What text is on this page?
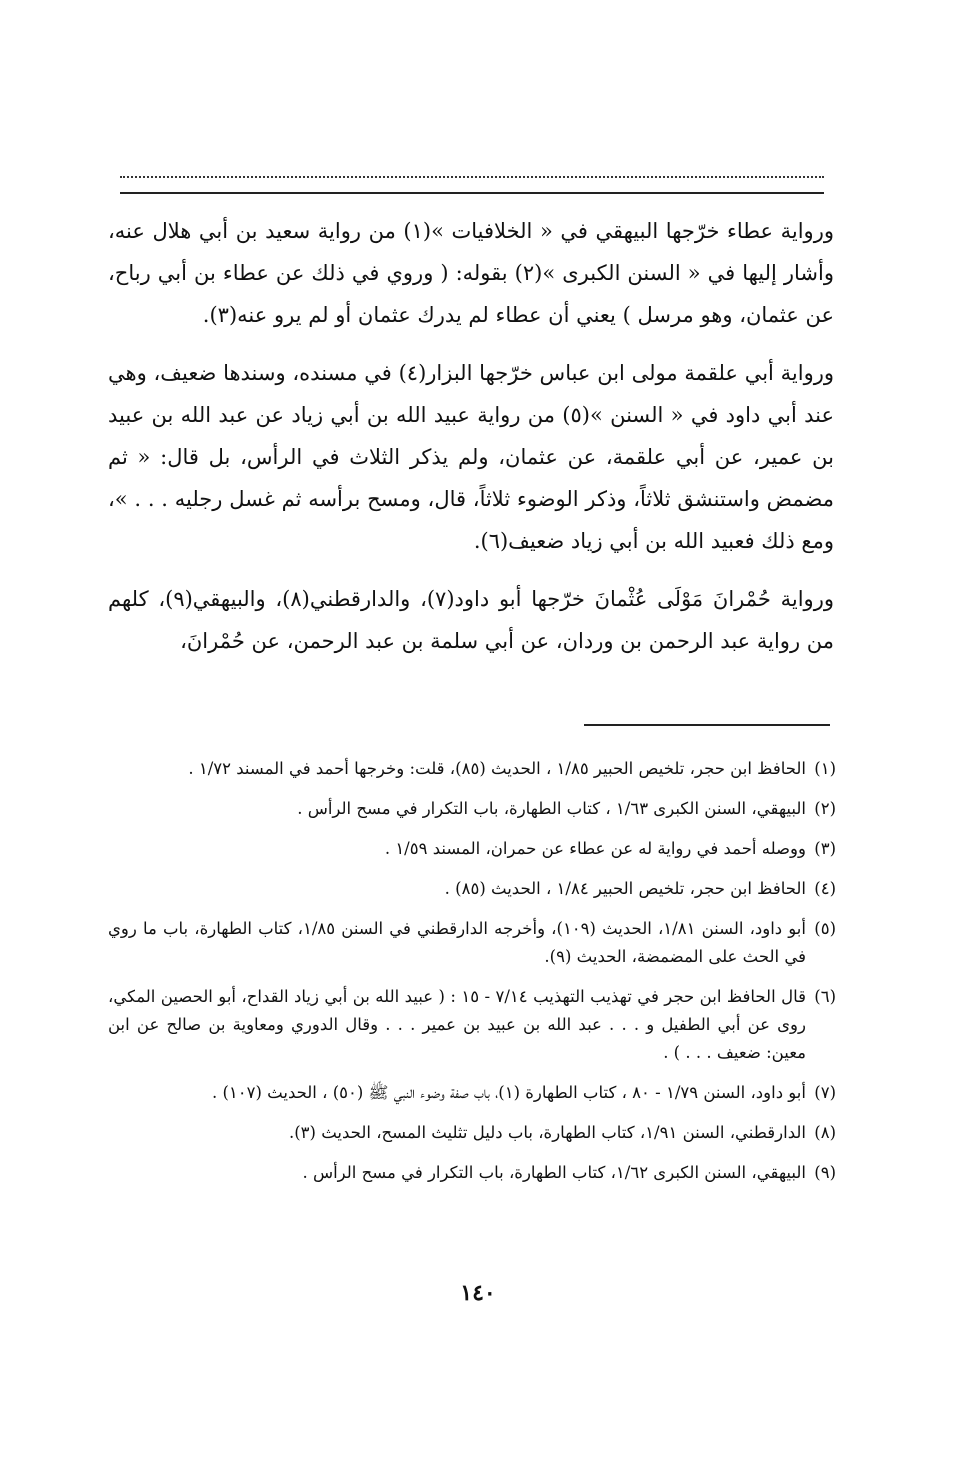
ورواية عطاء خرّجها البيهقي في « الخلافيات »(١) من رواية سعيد بن أبي هلال عنه، وأشار إليها في « السنن الكبرى »(٢) بقوله: ( وروي في ذلك عن عطاء بن أبي رباح، عن عثمان، وهو مرسل ) يعني أن عطاء لم يدرك عثمان أو لم يرو عنه(٣).

ورواية أبي علقمة مولى ابن عباس خرّجها البزار(٤) في مسنده، وسندها ضعيف، وهي عند أبي داود في « السنن »(٥) من رواية عبيد الله بن أبي زياد عن عبد الله بن عبيد بن عمير، عن أبي علقمة، عن عثمان، ولم يذكر الثلاث في الرأس، بل قال: « ثم مضمض واستنشق ثلاثاً، وذكر الوضوء ثلاثاً، قال، ومسح برأسه ثم غسل رجليه . . . »، ومع ذلك فعبيد الله بن أبي زياد ضعيف(٦).

ورواية حُمْرانَ مَوْلَى عُثْمانَ خرّجها أبو داود(٧)، والدارقطني(٨)، والبيهقي(٩)، كلهم من رواية عبد الرحمن بن وردان، عن أبي سلمة بن عبد الرحمن، عن حُمْرانَ،

(١)
الحافظ ابن حجر، تلخيص الحبير ١/٨٥ ، الحديث (٨٥)، قلت: وخرجها أحمد في المسند ١/٧٢ .
(٢)
البيهقي، السنن الكبرى ١/٦٣ ، كتاب الطهارة، باب التكرار في مسح الرأس .
(٣)
ووصله أحمد في رواية له عن عطاء عن حمران، المسند ١/٥٩ .
(٤)
الحافظ ابن حجر، تلخيص الحبير ١/٨٤ ، الحديث (٨٥) .
(٥)
أبو داود، السنن ١/٨١، الحديث (١٠٩)، وأخرجه الدارقطني في السنن ١/٨٥، كتاب الطهارة، باب ما روي في الحث على المضمضة، الحديث (٩).
(٦)
قال الحافظ ابن حجر في تهذيب التهذيب ٧/١٤ - ١٥ : ( عبيد الله بن أبي زياد القداح، أبو الحصين المكي، روى عن أبي الطفيل و . . . عبد الله بن عبيد بن عمير . . . وقال الدوري ومعاوية بن صالح عن ابن معين: ضعيف . . . ) .
(٧)
أبو داود، السنن ١/٧٩ - ٨٠ ، كتاب الطهارة (١)، باب صفة وضوء النبي ﷺ (٥٠) ، الحديث (١٠٧) .
(٨)
الدارقطني، السنن ١/٩١، كتاب الطهارة، باب دليل تثليث المسح، الحديث (٣).
(٩)
البيهقي، السنن الكبرى ١/٦٢، كتاب الطهارة، باب التكرار في مسح الرأس .
١٤٠
